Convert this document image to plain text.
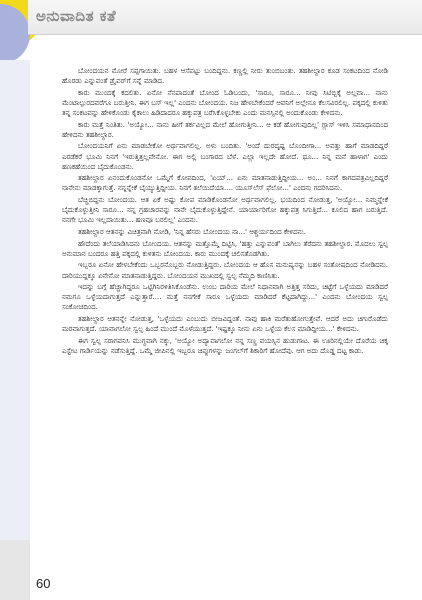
ಅನುವಾದಿತ ಕತೆ

ಬೋಂದಯನ ಮೋರೆ ಸಪ್ಪಗಾಯಿತು. ಬಹಳ ಆಸೆಪಟ್ಟು ಬಂದಿದ್ದನು. ಕಣ್ಣಲ್ಲಿ ನೀರು ತುಂಬಿಬಂತು. ತಹಶೀಲ್ದಾರ ಕೂಡ ಸಂಕಟದಿಂದ ನೋಡಿ ಹೊರಡು ಎನ್ನುವಂತೆ ಡ್ರೈವರ್‌ಗೆ ಸನ್ನೆ ಮಾಡಿದ.

ಕಾರು ಮುಂದಕ್ಕೆ ಕದಲಿತು. ಏನೋ ನೆನಪಾದಂತೆ ಬೋಂದ ಓಡಿಬಂದು, 'ಸಾರೂ, ಸಾರೂ... ನೀವು ಸಿಟಿಬ್ಬಿಕ್ಕೆ ಅಲ್ಲವಾ... ನಾನು ಮೆಂಟಾಲ್ಪುರದವರೆಗೂ ಬರುತ್ತೀನಿ. ಈಗ ಬಸ್ ಇಲ್ಲ' ಎಂದನು ಬೋಂದಯ. ನಿಜ ಹೇಳಬೇಕೆಂದರೆ ಆವನಿಗೆ ಅಲ್ಲೇನೂ ಕೆಲಸವಿರಲಿಲ್ಲ. ಪಕ್ಕದಲ್ಲಿ ಕುಳಿತು ತನ್ನ ಸಂಕಟವನ್ನು ಹೇಳಿಕೊಂಡು ಕೈಕಾಲು ಹಿಡಿದಾದರೂ ಹಕ್ಕುಪತ್ರ ಬರೆಸಿಕೊಳ್ಳಬೇಕು ಎಂದು ಮನಸ್ಸಿನಲ್ಲಿ ಅಂದುಕೊಂಡು ಕೇಳಿದನು.

ಕಾರು ಮತ್ತೆ ನಿಂತಿತು. 'ಅಯ್ಯೋ... ನಾನು ಹೀಗೆ ತರ್ಕವಿಲ್ಲದ ಮೇಲೆ ಹೋಗುತ್ತೀನಿ... ಆ ಕಡೆ ಹೋಗುವುದಿಲ್ಲ' ಗ್ಲಾಸ್ ಇಳಿಸಿ ಸಮಾಧಾನದಿಂದ ಹೇಳಿದನು ತಹಶೀಲ್ದಾರ.

ಬೋಂದಯನಿಗೆ ಏನು ಮಾಡಬೇಕೋ ಅರ್ಥವಾಗಲಿಲ್ಲ. ಅಳು ಬಂದಿತು. 'ಅಂದೆ ದುರದೃಷ್ಟ ಬೊಂದೀಗಾ... ಅವತ್ತು ಹಾಗೆ ಮಾಡದಿದ್ದರೆ ಎರಡೆಕರೆ ಭೂಮಿ ನಿನಗೆ 'ಇರುತ್ತಿತ್ತಲ್ಲವೇನೋ. ಈಗ ಅಲ್ಲಿ ಬಂಗಾರದ ಬೆಳೆ. ಎಲ್ಲಾ ಇಲ್ಲದೇ ಹೋದೆ. ಥೂ... ನಿನ್ನ ಮನೆ ಹಾಳಾಗ' ಎಂದು ಹಣಕಹೆಯಿಂದ ಬೈದುಕೊಂಡನು.

ತಹಶೀಲ್ದಾರ ಏನಂದುಕೊಂಡನೋ ಒಮ್ಮೆಗೆ ಕೋಪದಿಂದ, 'ಏಯ್... ಏನು ಮಾತನಾಡುತ್ತಿದ್ದೀಯ... ಅಂ... ನಿನಗೆ ಕಾಗದಪತ್ರವಿಲ್ಲದಿದ್ದರೆ ನಾನೇನು ಮಾಡಕ್ಕಾಗುತ್ತೆ. ನನ್ನನ್ನೇಕೆ ಬೈಯ್ಯುತ್ತಿದ್ದೀಯ. ನಿನಗೆ ತಲೆಯಿದೆಯಾ.... ಯೂಸ್‌ಲೆಸ್ ಫೆಲೋ...' ಎಂದನು ಗದರಿಸಿದನು.

ಬೆಚ್ಚಿಬಿದ್ದನು ಬೋಂದಯ. ಆತ ಏಕೆ ಅಷ್ಟು ಕೋಪ ಮಾಡಿಕೊಂಡನೋ ಅರ್ಥವಾಗಲಿಲ್ಲ. ಭಯದಿಂದ ನೋಡುತ್ತ, 'ಅಯ್ಯೋ... ನಿಮ್ಮನ್ನೇಕೆ ಬೈದುಕೊಳ್ಳುತ್ತೀನಿ ಸಾರೂ... ನನ್ನ ಗ್ರಹಚಾರವನ್ನು ನಾನೇ ಬೈದುಕೊಳ್ಳುತ್ತಿದ್ದೇನೆ. ಯಾರ್ಯಾರಿಗೋ ಹಕ್ಕುಪತ್ರ ಸಿಗುತ್ತಿದೆ... ಕೂಲಿದ ಹಾಗ ಬರುತ್ತಿದೆ. ನನಗೇ ಭೂಮಿ ಇಲ್ಲದಾಯಿತು... ಹಣವೂ ಬರಲಿಲ್ಲ' ಎಂದನು.

ತಹಶೀಲ್ದಾರ ಆತನನ್ನು ವಿಚಿತ್ರವಾಗಿ ನೋಡಿ, 'ನಿನ್ನ ಹೆಸರು ಬೋಂದಯ ನಾ...' ಆಶ್ಚರ್ಯದಿಂದ ಕೇಳಿದನು.

ಹೌದೆಂದು ತಲೆಯಾಡಿಸಿದನು ಬೋಂದಯ. ಆತನನ್ನು ಮತ್ತೊಮ್ಮೆ ದಿಟ್ಟಿಸಿ, 'ಹತ್ತು ಎನ್ನುವಂತೆ' ಬಾಗಿಲು ತೆರೆದನು ತಹಶೀಲ್ದಾರ. ಮೊದಲು ಸ್ವಲ್ಪ ಅನುಮಾನ ಬಂದರೂ ಹತ್ತಿ ಪಕ್ಕದಲ್ಲಿ ಕುಳಿತನು ಬೋಂದಯ. ಕಾರು ಮುಂದಕ್ಕೆ ಚಲಿಸತೊಡಗಿತು.

ಇಬ್ಬರೂ ಏನೋ ಹೇಳಬೇಕೆಂದು ಒಬ್ಬರನೊಬ್ಬರು ನೋಡುತ್ತಿದ್ದರು. ಬೋಂದಯ ಆ ಹೊಸ ಮನುಷ್ಯನನ್ನು ಬಹಳ ಸಂತೋಷದಿಂದ ನೋಡಿದನು. ದಾರಿಯುದ್ದಕ್ಕೂ ಏನೇನೋ ಮಾತನಾಡುತ್ತಿದ್ದರು. ಬೋಂದಯನ ಮುಖದಲ್ಲಿ ಸ್ವಲ್ಪ ನೆಮ್ಮದಿ ಕಾಣಿಸಿತು.

ಇದನ್ನು ಬಗ್ಗೆ ಹೆಚ್ಚಾಗಿದ್ದರೂ ಒಟ್ಟಿಗಿನಿರಳಿತಿಸಿಕೊಂಡೆನು. ಉಂಬ ದಾರಿಯ ಮೇಲೆ ನಿಧಾನವಾಗಿ ಅತ್ತಿತ್ತ ಸರಿದು, ಚಿಟ್ಟೆಗೆ ಒಳ್ಳೆಯದು ಮಾಡಿದರೆ ನಮಗೂ ಒಳ್ಳೆಯದಾಗುತ್ತದೆ ಎನ್ನುತ್ತಾರೆ.... ಮತ್ತೆ ನನಗೇಕೆ ಸಾರೂ ಒಳ್ಳೆಯದು ಮಾಡಿದರೆ ಕೆಟ್ಟದಾಗಿದ್ದು...' ಎಂದನು ಬೋಂದಯ ಸ್ವಲ್ಪ ಸಂಕೋಚದಿಂದ.

ತಹಶೀಲ್ದಾರ ಆತನನ್ನೇ ನೋಡುತ್ತ, 'ಒಳ್ಳೆಯದು ಎಂಬುದು ಬೀಜವಿದ್ದಂತೆ. ನಾವು ಹಾಕಿ ಮರೆತುಹೋಗುತ್ತೇವೆ. ಆದರೆ ಅದು ಚಿಗುರೊಡೆದು ಮರವಾಗುತ್ತದೆ. ಯಾವಾಗಲೋ ಸ್ವಲ್ಪ ಹಿಂದೆ ಮುಂದೆ ಮೊಳೆಯುತ್ತದೆ. 'ಇಷ್ಟಕ್ಕೂ ನೀನು ಏನು ಒಳ್ಳೆಯ ಕೆಲಸ ಮಾಡಿದ್ದೀಯ...' ಕೇಳಿದನು.

ಈಗ ಸ್ವಲ್ಪ ಸರಾಗವನಿಸಿ ಮುಗ್ಧವಾಗಿ ನಕ್ಕು, 'ಅಯ್ಯೋ ಅದ್ಯಾವಾಗಲೋ ನನ್ನ ಸಣ್ಣ ವಯಸ್ಸಿನ ಹುಡುಗಾಟ. ಈ ಊರಿನಲ್ಲಿಯೇ ದೊರೆಯ ಚಿಕ್ಕ ಎಸ್ಟೇಟ ಗಾರ್ಡಿಯನ್ನು ನಡೆಸುತ್ತಿದ್ದೆ. ಒಮ್ಮೆ ಜೀಪಿನಲ್ಲಿ ಇಬ್ಬರೂ ಚಿಪ್ಪುಗಳನ್ನು ಜಂಗಲ್‌ಗೆ ಶಿಕಾರಿಗೆ ಹೋದೆವು. ಆಗ ಅದು ದೊಡ್ಡ ದಟ್ಟ ಕಾಡು.

60
